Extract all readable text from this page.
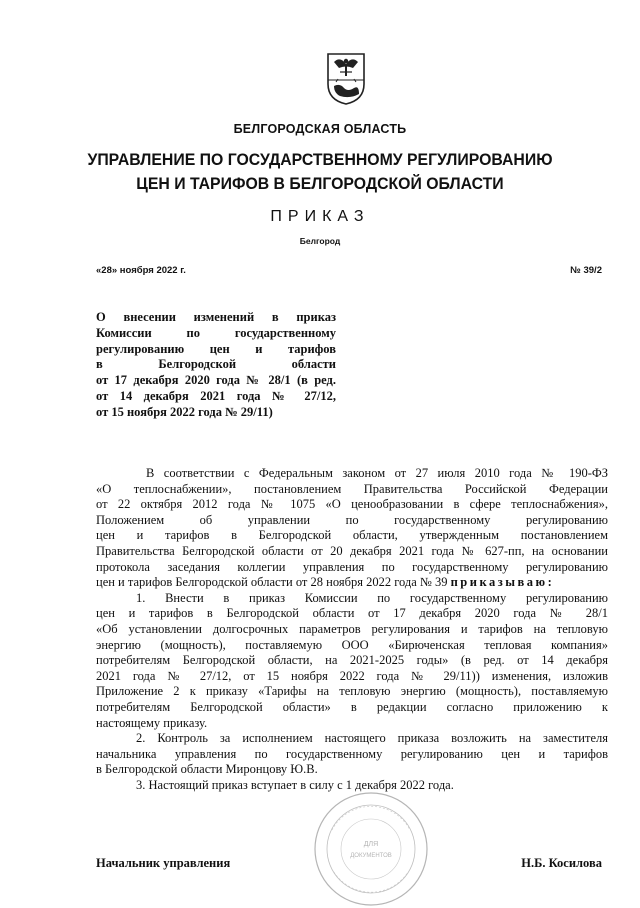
БЕЛГОРОДСКАЯ ОБЛАСТЬ
УПРАВЛЕНИЕ ПО ГОСУДАРСТВЕННОМУ РЕГУЛИРОВАНИЮ
ЦЕН И ТАРИФОВ В БЕЛГОРОДСКОЙ ОБЛАСТИ
ПРИКАЗ
Белгород
«28» ноября 2022 г.	№ 39/2
О внесении изменений в приказ
Комиссии по государственному
регулированию цен и тарифов
в Белгородской области
от 17 декабря 2020 года № 28/1 (в ред.
от 14 декабря 2021 года № 27/12,
от 15 ноября 2022 года № 29/11)
В соответствии с Федеральным законом от 27 июля 2010 года № 190-ФЗ
«О теплоснабжении», постановлением Правительства Российской Федерации
от 22 октября 2012 года № 1075 «О ценообразовании в сфере теплоснабжения»,
Положением об управлении по государственному регулированию
цен и тарифов в Белгородской области, утвержденным постановлением
Правительства Белгородской области от 20 декабря 2021 года № 627-пп, на основании
протокола заседания коллегии управления по государственному регулированию
цен и тарифов Белгородской области от 28 ноября 2022 года № 39 приказываю:
1. Внести в приказ Комиссии по государственному регулированию
цен и тарифов в Белгородской области от 17 декабря 2020 года № 28/1
«Об установлении долгосрочных параметров регулирования и тарифов на тепловую
энергию (мощность), поставляемую ООО «Бирюченская тепловая компания»
потребителям Белгородской области, на 2021-2025 годы» (в ред. от 14 декабря
2021 года № 27/12, от 15 ноября 2022 года № 29/11)) изменения, изложив
Приложение 2 к приказу «Тарифы на тепловую энергию (мощность), поставляемую
потребителям Белгородской области» в редакции согласно приложению к
настоящему приказу.
2. Контроль за исполнением настоящего приказа возложить на заместителя
начальника управления по государственному регулированию цен и тарифов
в Белгородской области Миронцову Ю.В.
3. Настоящий приказ вступает в силу с 1 декабря 2022 года.
ДЛЯ
ДОКУМЕНТОВ
Начальник управления	Н.Б. Косилова
